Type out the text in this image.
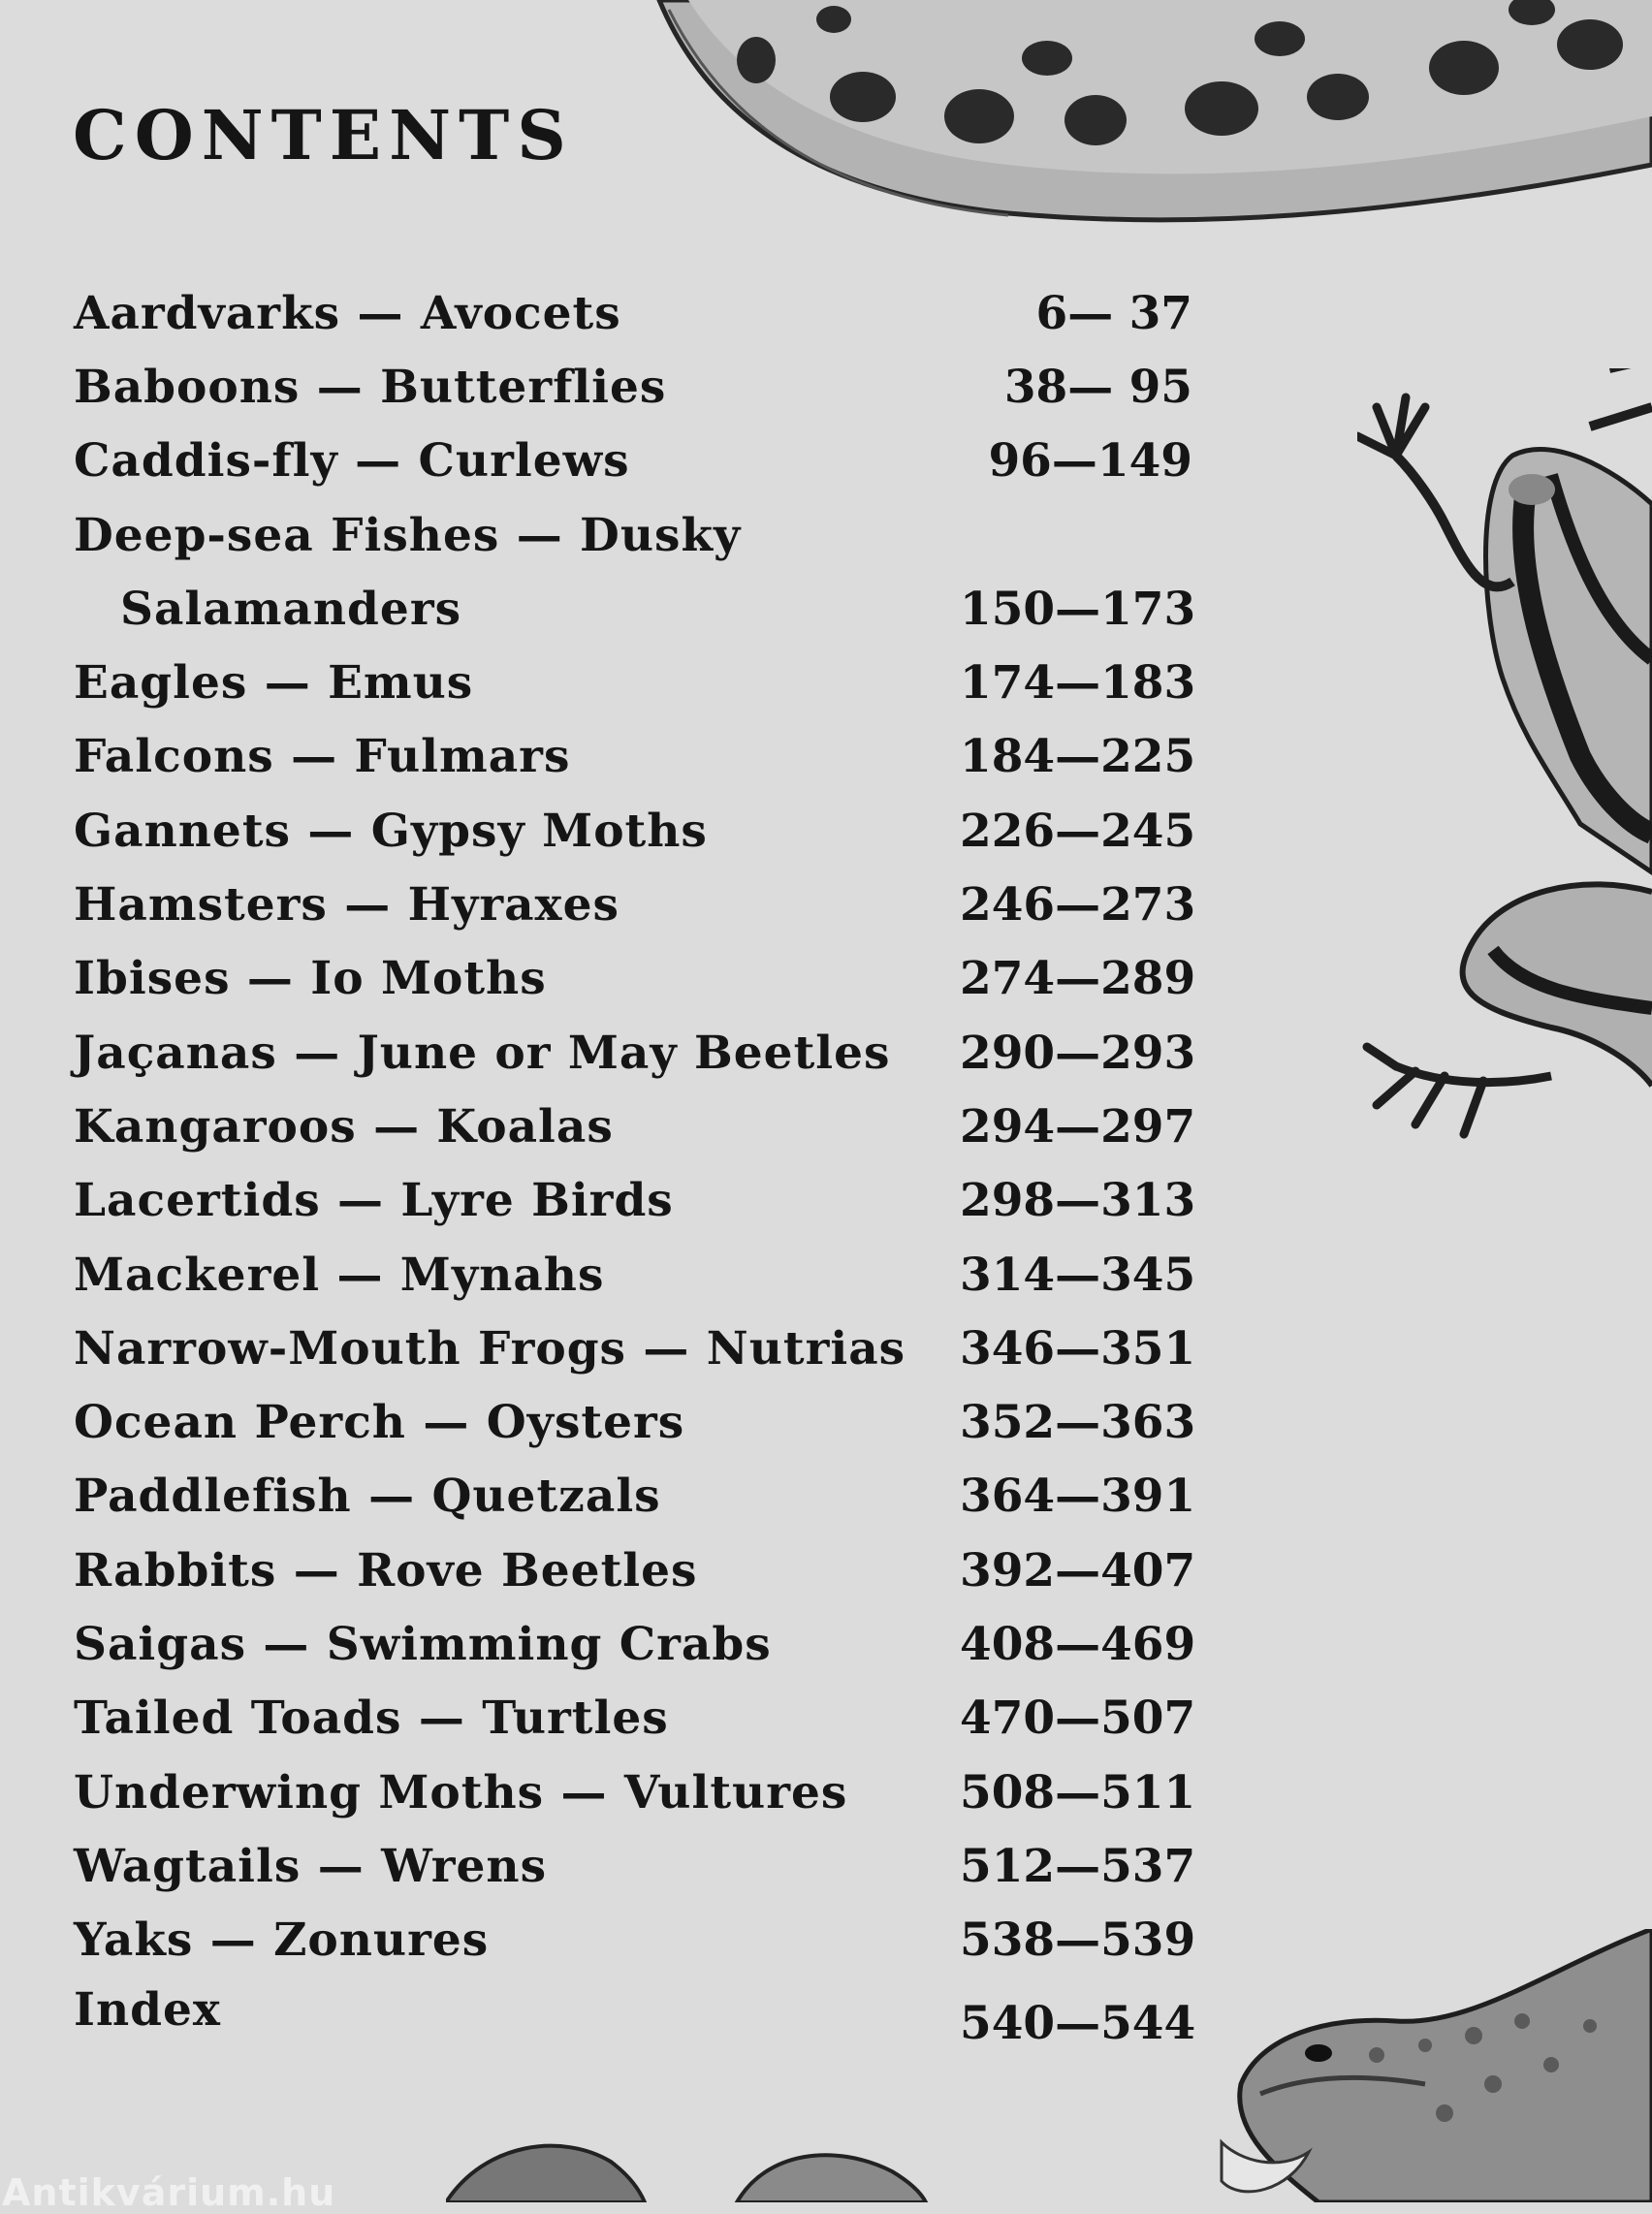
CONTENTS
Aardvarks — Avocets	6— 37
Baboons — Butterflies	38— 95
Caddis-fly — Curlews	96—149
Deep-sea Fishes — Dusky
Salamanders	150—173
Eagles — Emus	174—183
Falcons — Fulmars	184—225
Gannets — Gypsy Moths	226—245
Hamsters — Hyraxes	246—273
Ibises — Io Moths	274—289
Jaçanas — June or May Beetles 290—293
Kangaroos — Koalas	294—297
Lacertids — Lyre Birds	298—313
Mackerel — Mynahs	314—345
Narrow-Mouth Frogs — Nutrias 346—351
Ocean Perch — Oysters	352—363
Paddlefish — Quetzals	364—391
Rabbits — Rove Beetles	392—407
Saigas — Swimming Crabs	408—469
Tailed Toads — Turtles	470—507
Underwing Moths — Vultures 508—511
Wagtails — Wrens	512—537
Yaks — Zonures	538—539
Index	540—544
Antikvárium.hu
